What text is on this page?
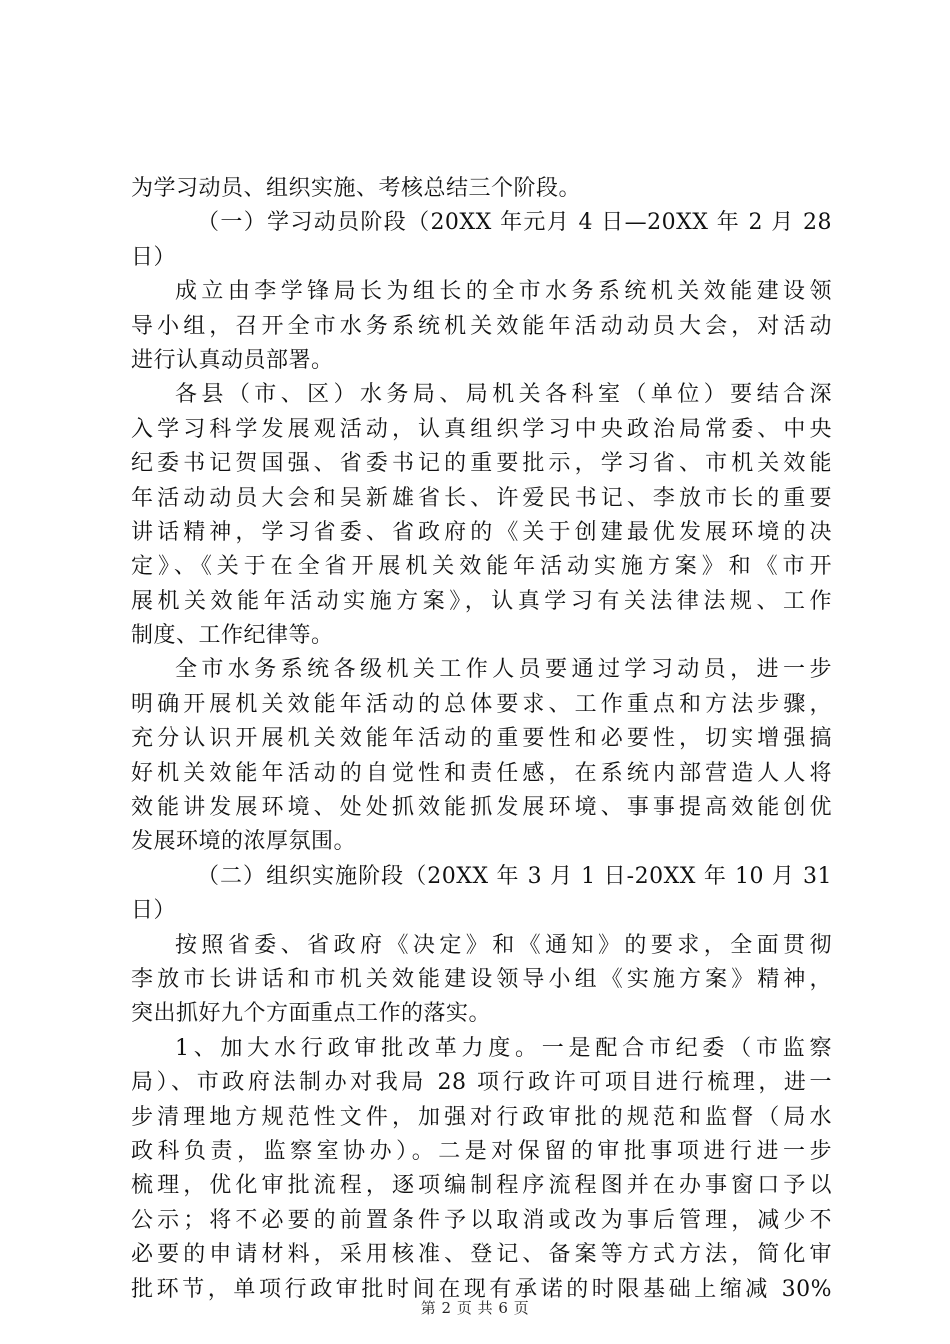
为学习动员、组织实施、考核总结三个阶段。
（一）学习动员阶段（20XX 年元月 4 日—20XX 年 2 月 28
日）
成立由李学锋局长为组长的全市水务系统机关效能建设领
导小组，召开全市水务系统机关效能年活动动员大会，对活动
进行认真动员部署。
各县（市、区）水务局、局机关各科室（单位）要结合深
入学习科学发展观活动，认真组织学习中央政治局常委、中央
纪委书记贺国强、省委书记的重要批示，学习省、市机关效能
年活动动员大会和吴新雄省长、许爱民书记、李放市长的重要
讲话精神，学习省委、省政府的《关于创建最优发展环境的决
定》、《关于在全省开展机关效能年活动实施方案》和《市开
展机关效能年活动实施方案》，认真学习有关法律法规、工作
制度、工作纪律等。
全市水务系统各级机关工作人员要通过学习动员，进一步
明确开展机关效能年活动的总体要求、工作重点和方法步骤，
充分认识开展机关效能年活动的重要性和必要性，切实增强搞
好机关效能年活动的自觉性和责任感，在系统内部营造人人将
效能讲发展环境、处处抓效能抓发展环境、事事提高效能创优
发展环境的浓厚氛围。
（二）组织实施阶段（20XX 年 3 月 1 日-20XX 年 10 月 31
日）
按照省委、省政府《决定》和《通知》的要求，全面贯彻
李放市长讲话和市机关效能建设领导小组《实施方案》精神，
突出抓好九个方面重点工作的落实。
1、加大水行政审批改革力度。一是配合市纪委（市监察
局）、市政府法制办对我局 28 项行政许可项目进行梳理，进一
步清理地方规范性文件，加强对行政审批的规范和监督（局水
政科负责，监察室协办）。二是对保留的审批事项进行进一步
梳理，优化审批流程，逐项编制程序流程图并在办事窗口予以
公示；将不必要的前置条件予以取消或改为事后管理，减少不
必要的申请材料，采用核准、登记、备案等方式方法，简化审
批环节，单项行政审批时间在现有承诺的时限基础上缩减 30%
第 2 页 共 6 页
